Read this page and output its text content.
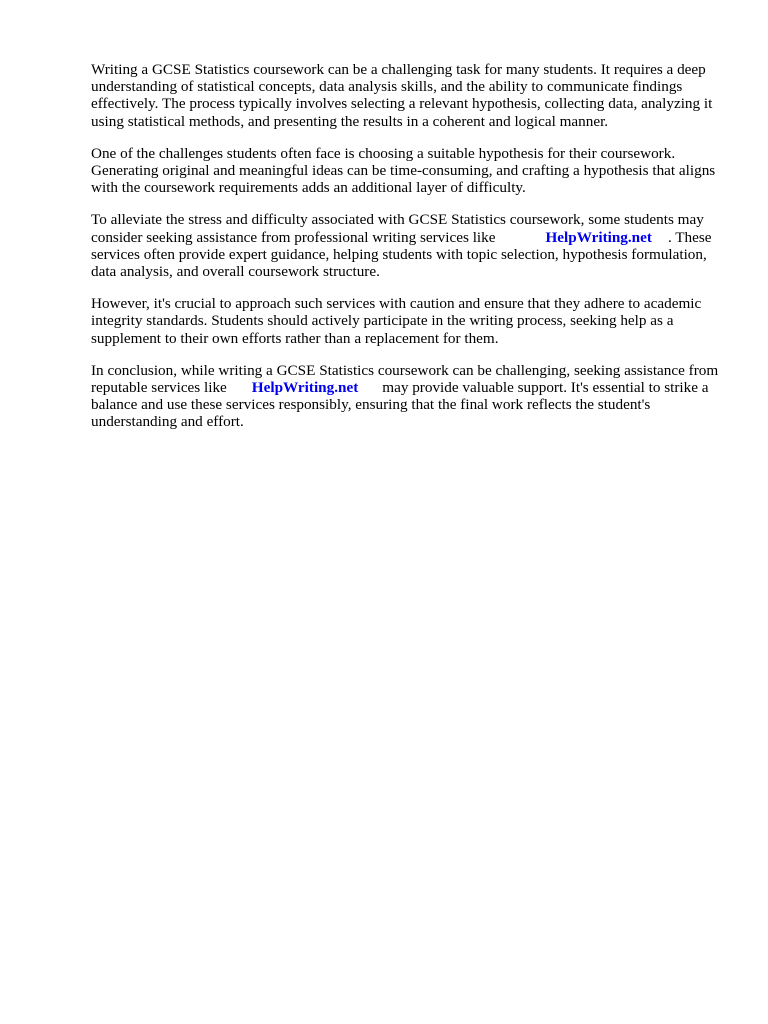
Writing a GCSE Statistics coursework can be a challenging task for many students. It requires a deep understanding of statistical concepts, data analysis skills, and the ability to communicate findings effectively. The process typically involves selecting a relevant hypothesis, collecting data, analyzing it using statistical methods, and presenting the results in a coherent and logical manner.

One of the challenges students often face is choosing a suitable hypothesis for their coursework. Generating original and meaningful ideas can be time-consuming, and crafting a hypothesis that aligns with the coursework requirements adds an additional layer of difficulty.

To alleviate the stress and difficulty associated with GCSE Statistics coursework, some students may consider seeking assistance from professional writing services like	HelpWriting.net . These services often provide expert guidance, helping students with topic selection, hypothesis formulation, data analysis, and overall coursework structure.

However, it's crucial to approach such services with caution and ensure that they adhere to academic integrity standards. Students should actively participate in the writing process, seeking help as a supplement to their own efforts rather than a replacement for them.

In conclusion, while writing a GCSE Statistics coursework can be challenging, seeking assistance from reputable services like HelpWriting.net may provide valuable support. It's essential to strike a balance and use these services responsibly, ensuring that the final work reflects the student's understanding and effort.
